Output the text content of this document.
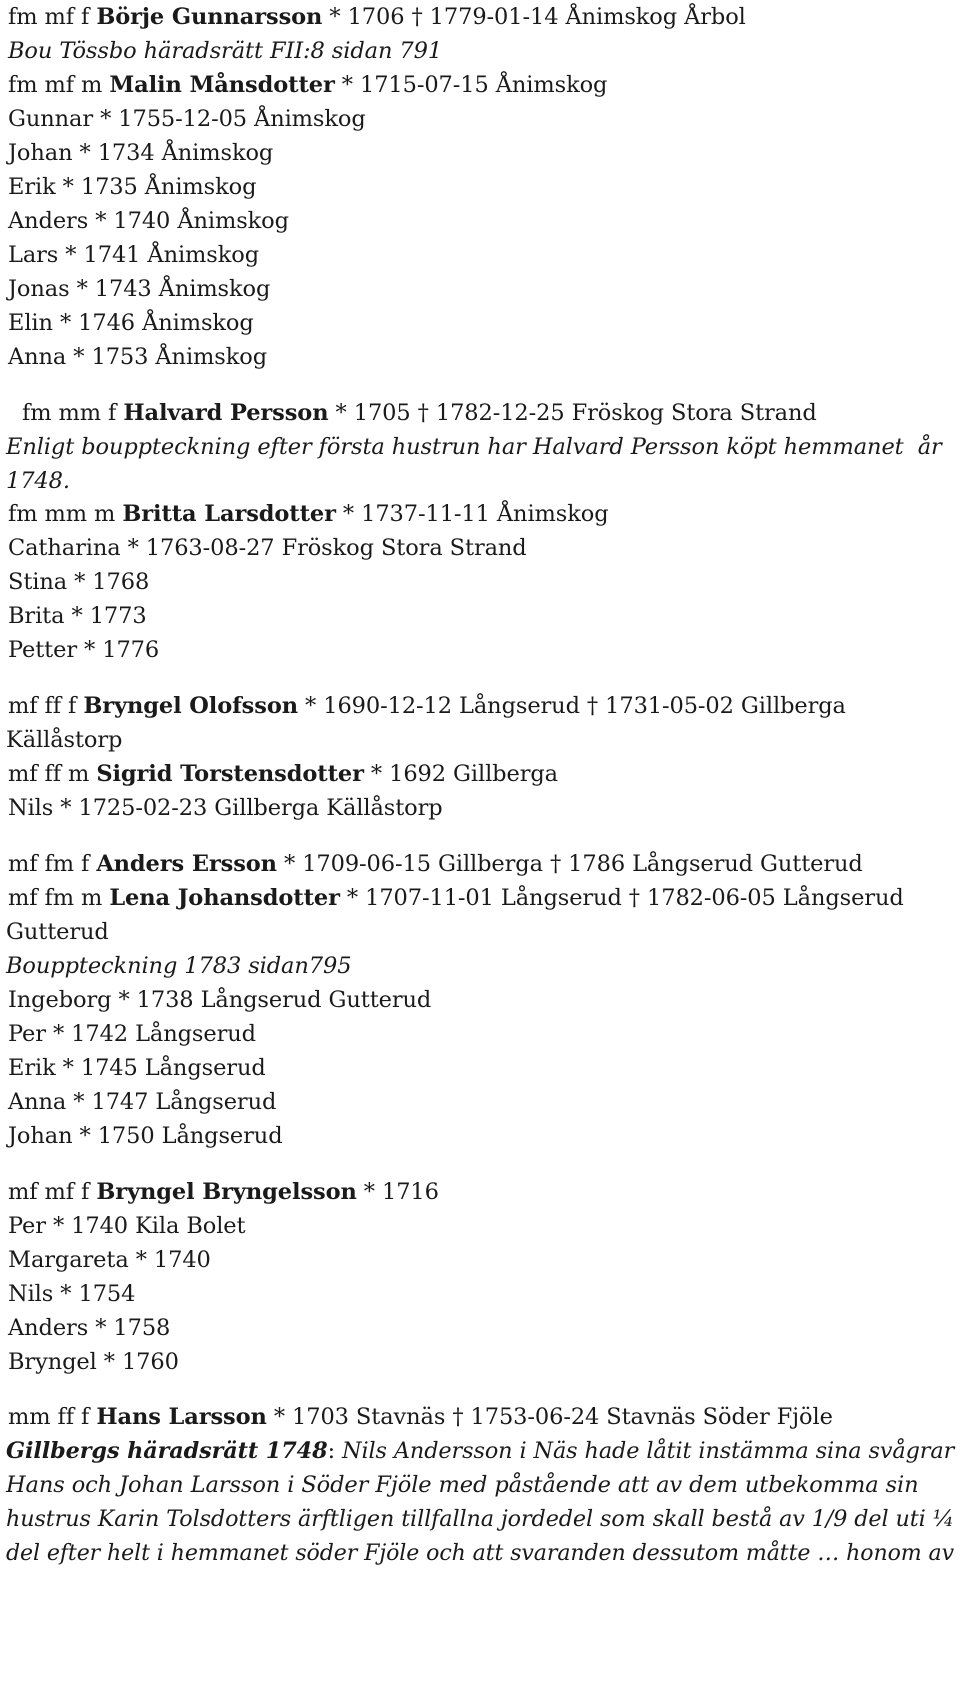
fm mf f Börje Gunnarsson * 1706 † 1779-01-14 Ånimskog Årbol
Bou Tössbo häradsrätt FII:8 sidan 791
fm mf m Malin Månsdotter * 1715-07-15 Ånimskog
Gunnar * 1755-12-05 Ånimskog
Johan * 1734 Ånimskog
Erik * 1735 Ånimskog
Anders * 1740 Ånimskog
Lars * 1741 Ånimskog
Jonas * 1743 Ånimskog
Elin * 1746 Ånimskog
Anna * 1753 Ånimskog
fm mm f Halvard Persson * 1705 † 1782-12-25 Fröskog Stora Strand
Enligt bouppteckning efter första hustrun har Halvard Persson köpt hemmanet  år
1748.
fm mm m Britta Larsdotter * 1737-11-11 Ånimskog
Catharina * 1763-08-27 Fröskog Stora Strand
Stina * 1768
Brita * 1773
Petter * 1776
mf ff f Bryngel Olofsson * 1690-12-12 Långserud † 1731-05-02 Gillberga
Källåstorp
mf ff m Sigrid Torstensdotter * 1692 Gillberga
Nils * 1725-02-23 Gillberga Källåstorp
mf fm f Anders Ersson * 1709-06-15 Gillberga † 1786 Långserud Gutterud
mf fm m Lena Johansdotter * 1707-11-01 Långserud † 1782-06-05 Långserud
Gutterud
Bouppteckning 1783 sidan795
Ingeborg * 1738 Långserud Gutterud
Per * 1742 Långserud
Erik * 1745 Långserud
Anna * 1747 Långserud
Johan * 1750 Långserud
mf mf f Bryngel Bryngelsson * 1716
Per * 1740 Kila Bolet
Margareta * 1740
Nils * 1754
Anders * 1758
Bryngel * 1760
mm ff f Hans Larsson * 1703 Stavnäs † 1753-06-24 Stavnäs Söder Fjöle
Gillbergs häradsrätt 1748: Nils Andersson i Näs hade låtit instämma sina svågrar
Hans och Johan Larsson i Söder Fjöle med påstående att av dem utbekomma sin
hustrus Karin Tolsdotters ärftligen tillfallna jordedel som skall bestå av 1/9 del uti ¼
del efter helt i hemmanet söder Fjöle och att svaranden dessutom måtte … honom av
